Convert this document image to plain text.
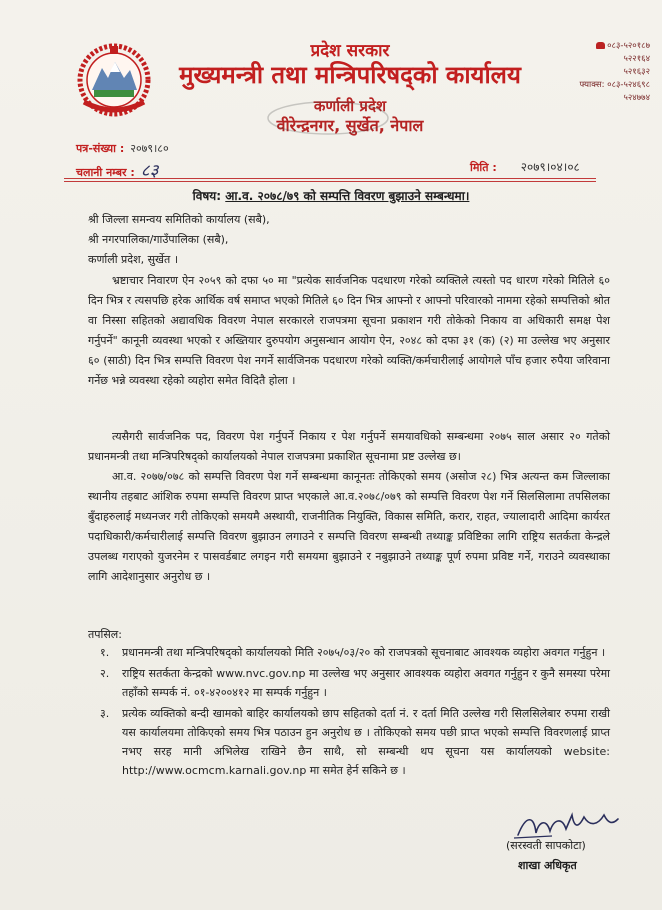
प्रदेश सरकार
मुख्यमन्त्री तथा मन्त्रिपरिषद्को कार्यालय
कर्णाली प्रदेश
वीरेन्द्रनगर, सुर्खेत, नेपाल
०८३-५२०१८७
५२२१६४
५२१६३२
फ्याक्स: ०८३-५२४६९८
५२४७७४
पत्र-संख्या : २०७९।८०
चलानी नम्बर : ८३	मिति : २०७९।०४।०८
विषय: आ.व. २०७८/७९ को सम्पत्ति विवरण बुझाउने सम्बन्धमा।
श्री जिल्ला समन्वय समितिको कार्यालय (सबै),
श्री नगरपालिका/गाउँपालिका (सबै),
कर्णाली प्रदेश, सुर्खेत ।
भ्रष्टाचार निवारण ऐन २०५९ को दफा ५० मा "प्रत्येक सार्वजनिक पदधारण गरेको व्यक्तिले त्यस्तो पद धारण गरेको मितिले ६० दिन भित्र र त्यसपछि हरेक आर्थिक वर्ष समाप्त भएको मितिले ६० दिन भित्र आफ्नो र आफ्नो परिवारको नाममा रहेको सम्पत्तिको श्रोत वा निस्सा सहितको अद्यावधिक विवरण नेपाल सरकारले राजपत्रमा सूचना प्रकाशन गरी तोकेको निकाय वा अधिकारी समक्ष पेश गर्नुपर्ने" कानूनी व्यवस्था भएको र अख्तियार दुरुपयोग अनुसन्धान आयोग ऐन, २०४८ को दफा ३१ (क) (२) मा उल्लेख भए अनुसार ६० (साठी) दिन भित्र सम्पत्ति विवरण पेश नगर्ने सार्वजिनक पदधारण गरेको व्यक्ति/कर्मचारीलाई आयोगले पाँच हजार रुपैया जरिवाना गर्नेछ भन्ने व्यवस्था रहेको व्यहोरा समेत विदितै होला ।
त्यसैगरी सार्वजनिक पद, विवरण पेश गर्नुपर्ने निकाय र पेश गर्नुपर्ने समयावधिको सम्बन्धमा २०७५ साल असार २० गतेको प्रधानमन्त्री तथा मन्त्रिपरिषद्को कार्यालयको नेपाल राजपत्रमा प्रकाशित सूचनामा प्रष्ट उल्लेख छ।
आ.व. २०७७/०७८ को सम्पत्ति विवरण पेश गर्ने सम्बन्धमा कानूनतः तोकिएको समय (असोज २८) भित्र अत्यन्त कम जिल्लाका स्थानीय तहबाट आंशिक रुपमा सम्पत्ति विवरण प्राप्त भएकाले आ.व.२०७८/०७९ को सम्पत्ति विवरण पेश गर्ने सिलसिलामा तपसिलका बुँदाहरुलाई मध्यनजर गरी तोकिएको समयमै अस्थायी, राजनीतिक नियुक्ति, विकास समिति, करार, राहत, ज्यालादारी आदिमा कार्यरत पदाधिकारी/कर्मचारीलाई सम्पत्ति विवरण बुझाउन लगाउने र सम्पत्ति विवरण सम्बन्धी तथ्याङ्क प्रविष्टिका लागि राष्ट्रिय सतर्कता केन्द्रले उपलब्ध गराएको युजरनेम र पासवर्डबाट लगइन गरी समयमा बुझाउने र नबुझाउने तथ्याङ्क पूर्ण रुपमा प्रविष्ट गर्ने, गराउने व्यवस्थाका लागि आदेशानुसार अनुरोध छ ।
तपसिल:
१. प्रधानमन्त्री तथा मन्त्रिपरिषद्को कार्यालयको मिति २०७५/०३/२० को राजपत्रको सूचनाबाट आवश्यक व्यहोरा अवगत गर्नुहुन ।
२. राष्ट्रिय सतर्कता केन्द्रको www.nvc.gov.np मा उल्लेख भए अनुसार आवश्यक व्यहोरा अवगत गर्नुहुन र कुनै समस्या परेमा तहाँको सम्पर्क नं. ०१-४२००४१२ मा सम्पर्क गर्नुहुन ।
३. प्रत्येक व्यक्तिको बन्दी खामको बाहिर कार्यालयको छाप सहितको दर्ता नं. र दर्ता मिति उल्लेख गरी सिलसिलेबार रुपमा राखी यस कार्यालयमा तोकिएको समय भित्र पठाउन हुन अनुरोध छ । तोकिएको समय पछी प्राप्त भएको सम्पत्ति विवरणलाई प्राप्त नभए सरह मानी अभिलेख राखिने छैन साथै, सो सम्बन्धी थप सूचना यस कार्यालयको website: http://www.ocmcm.karnali.gov.np मा समेत हेर्न सकिने छ ।
(सरस्वती सापकोटा)
शाखा अधिकृत
